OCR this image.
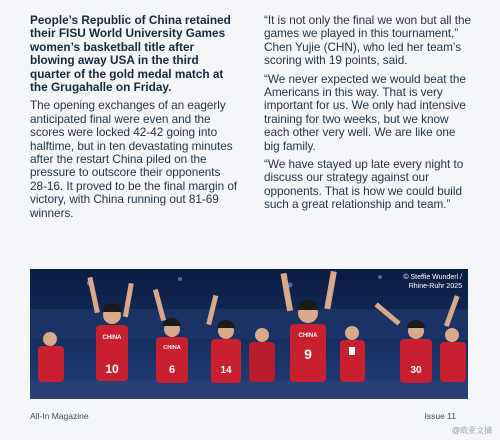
People’s Republic of China retained their FISU World University Games women’s basketball title after blowing away USA in the third quarter of the gold medal match at the Grugahalle on Friday.

The opening exchanges of an eagerly anticipated final were even and the scores were locked 42-42 going into halftime, but in ten devastating minutes after the restart China piled on the pressure to outscore their opponents 28-16. It proved to be the final margin of victory, with China running out 81-69 winners.

“It is not only the final we won but all the games we played in this tournament,” Chen Yujie (CHN), who led her team’s scoring with 19 points, said.

“We never expected we would beat the Americans in this way. That is very important for us. We only had intensive training for two weeks, but we know each other very well. We are like one big family.

“We have stayed up late every night to discuss our strategy against our opponents. That is how we could build such a great relationship and team.”

10
CHINA
6
CHINA
14
9
CHINA
30
© Steffie Wunderl /
Rhine-Ruhr 2025
All-In Magazine	Issue 11
@欧亚文摘
